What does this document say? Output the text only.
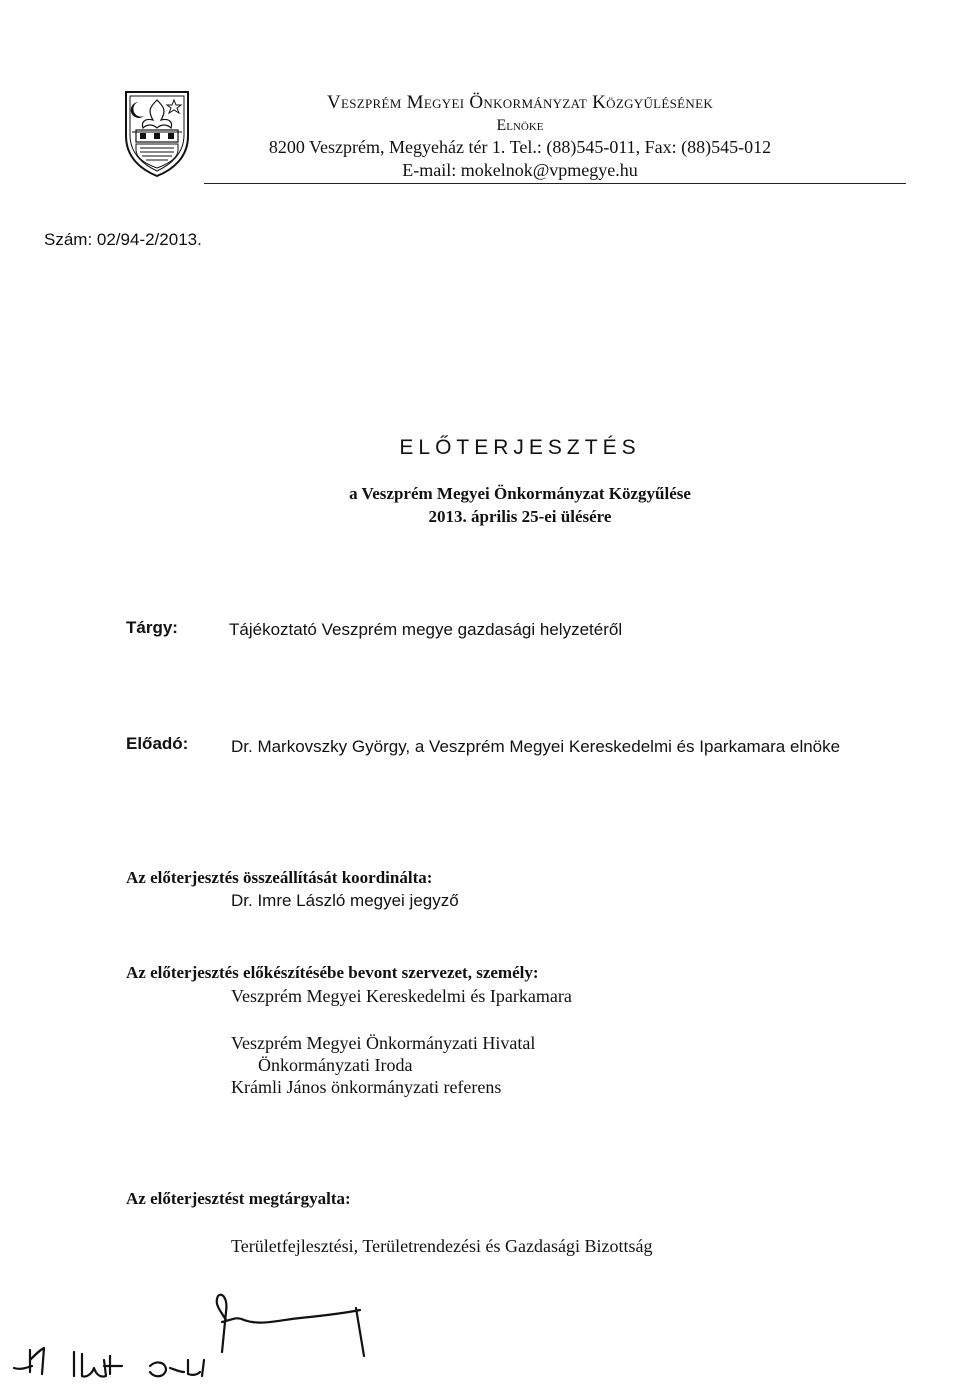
Veszprém Megyei Önkormányzat Közgyűlésének
Elnöke
8200 Veszprém, Megyeház tér 1. Tel.: (88)545-011, Fax: (88)545-012
E-mail: mokelnok@vpmegye.hu
Szám: 02/94-2/2013.
ELŐTERJESZTÉS
a Veszprém Megyei Önkormányzat Közgyűlése
2013. április 25-ei ülésére
Tárgy:	Tájékoztató Veszprém megye gazdasági helyzetéről
Előadó:	Dr. Markovszky György, a Veszprém Megyei Kereskedelmi és Iparkamara elnöke
Az előterjesztés összeállítását koordinálta:
Dr. Imre László megyei jegyző
Az előterjesztés előkészítésébe bevont szervezet, személy:
Veszprém Megyei Kereskedelmi és Iparkamara
Veszprém Megyei Önkormányzati Hivatal
Önkormányzati Iroda
Krámli János önkormányzati referens
Az előterjesztést megtárgyalta:
Területfejlesztési, Területrendezési és Gazdasági Bizottság
